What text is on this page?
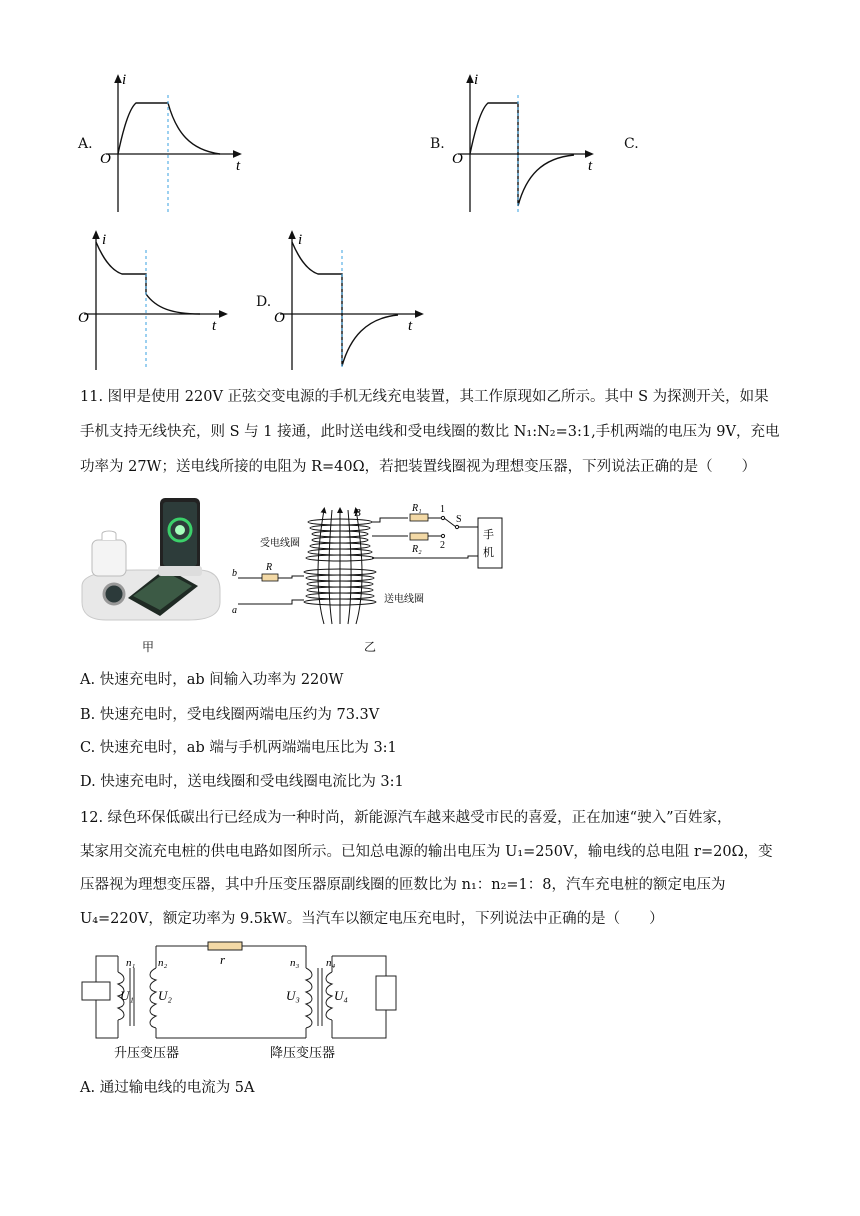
A.	B.	C.
D.
i
t
O
i
t
O
i
t
O
i
t
O
11. 图甲是使用 220V 正弦交变电源的手机无线充电装置，其工作原现如乙所示。其中 S 为探测开关，如果
手机支持无线快充，则 S 与 1 接通，此时送电线和受电线圈的数比 N₁:N₂=3:1,手机两端的电压为 9V，充电
功率为 27W；送电线所接的电阻为 R=40Ω，若把装置线圈视为理想变压器，下列说法正确的是（　　）
甲
B	R₁
R₂
1
2
S
手
机
R
b
a
受电线圈
送电线圈
乙
A. 快速充电时，ab 间输入功率为 220W
B. 快速充电时，受电线圈两端电压约为 73.3V
C. 快速充电时，ab 端与手机两端端电压比为 3:1
D. 快速充电时，送电线圈和受电线圈电流比为 3:1
12. 绿色环保低碳出行已经成为一种时尚，新能源汽车越来越受市民的喜爱，正在加速“驶入”百姓家，
某家用交流充电桩的供电电路如图所示。已知总电源的输出电压为 U₁=250V，输电线的总电阻 r=20Ω，变
压器视为理想变压器，其中升压变压器原副线圈的匝数比为 n₁：n₂=1：8，汽车充电桩的额定电压为
U₄=220V，额定功率为 9.5kW。当汽车以额定电压充电时，下列说法中正确的是（　　）
n₁ n₂
U₁ U₂
r	n₃ n₄
U₃	U₄
升压变压器	降压变压器
A. 通过输电线的电流为 5A
